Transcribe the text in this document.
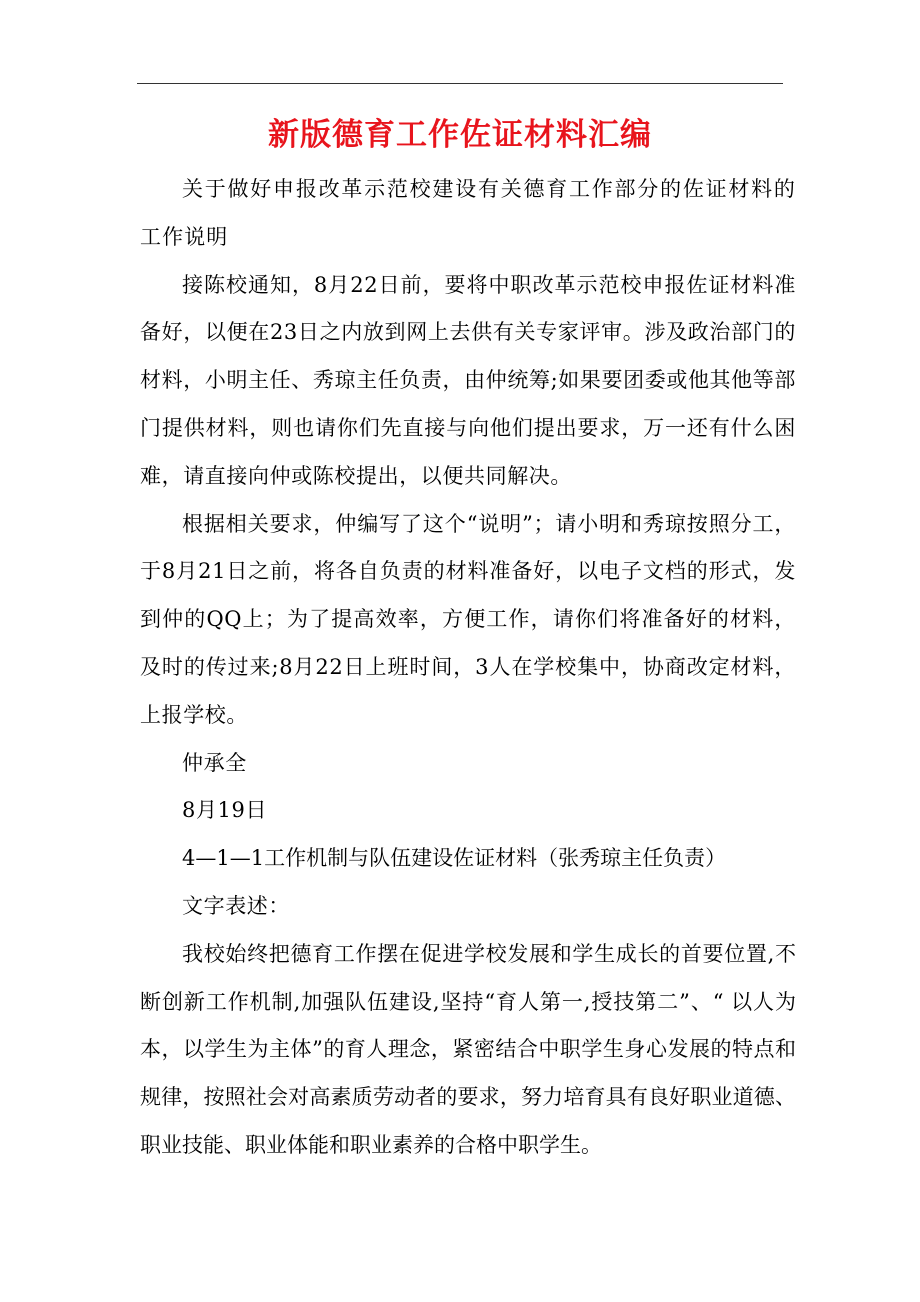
新版德育工作佐证材料汇编

关于做好申报改革示范校建设有关德育工作部分的佐证材料的工作说明

接陈校通知，8月22日前，要将中职改革示范校申报佐证材料准备好，以便在23日之内放到网上去供有关专家评审。涉及政治部门的材料，小明主任、秀琼主任负责，由仲统筹;如果要团委或他其他等部门提供材料，则也请你们先直接与向他们提出要求，万一还有什么困难，请直接向仲或陈校提出，以便共同解决。

根据相关要求，仲编写了这个“说明”；请小明和秀琼按照分工，于8月21日之前，将各自负责的材料准备好，以电子文档的形式，发到仲的QQ上；为了提高效率，方便工作，请你们将准备好的材料，及时的传过来;8月22日上班时间，3人在学校集中，协商改定材料，上报学校。

仲承全

8月19日

4—1—1工作机制与队伍建设佐证材料（张秀琼主任负责）

文字表述：

我校始终把德育工作摆在促进学校发展和学生成长的首要位置,不断创新工作机制,加强队伍建设,坚持“育人第一,授技第二”、“ 以人为本，以学生为主体”的育人理念，紧密结合中职学生身心发展的特点和规律，按照社会对高素质劳动者的要求，努力培育具有良好职业道德、职业技能、职业体能和职业素养的合格中职学生。
